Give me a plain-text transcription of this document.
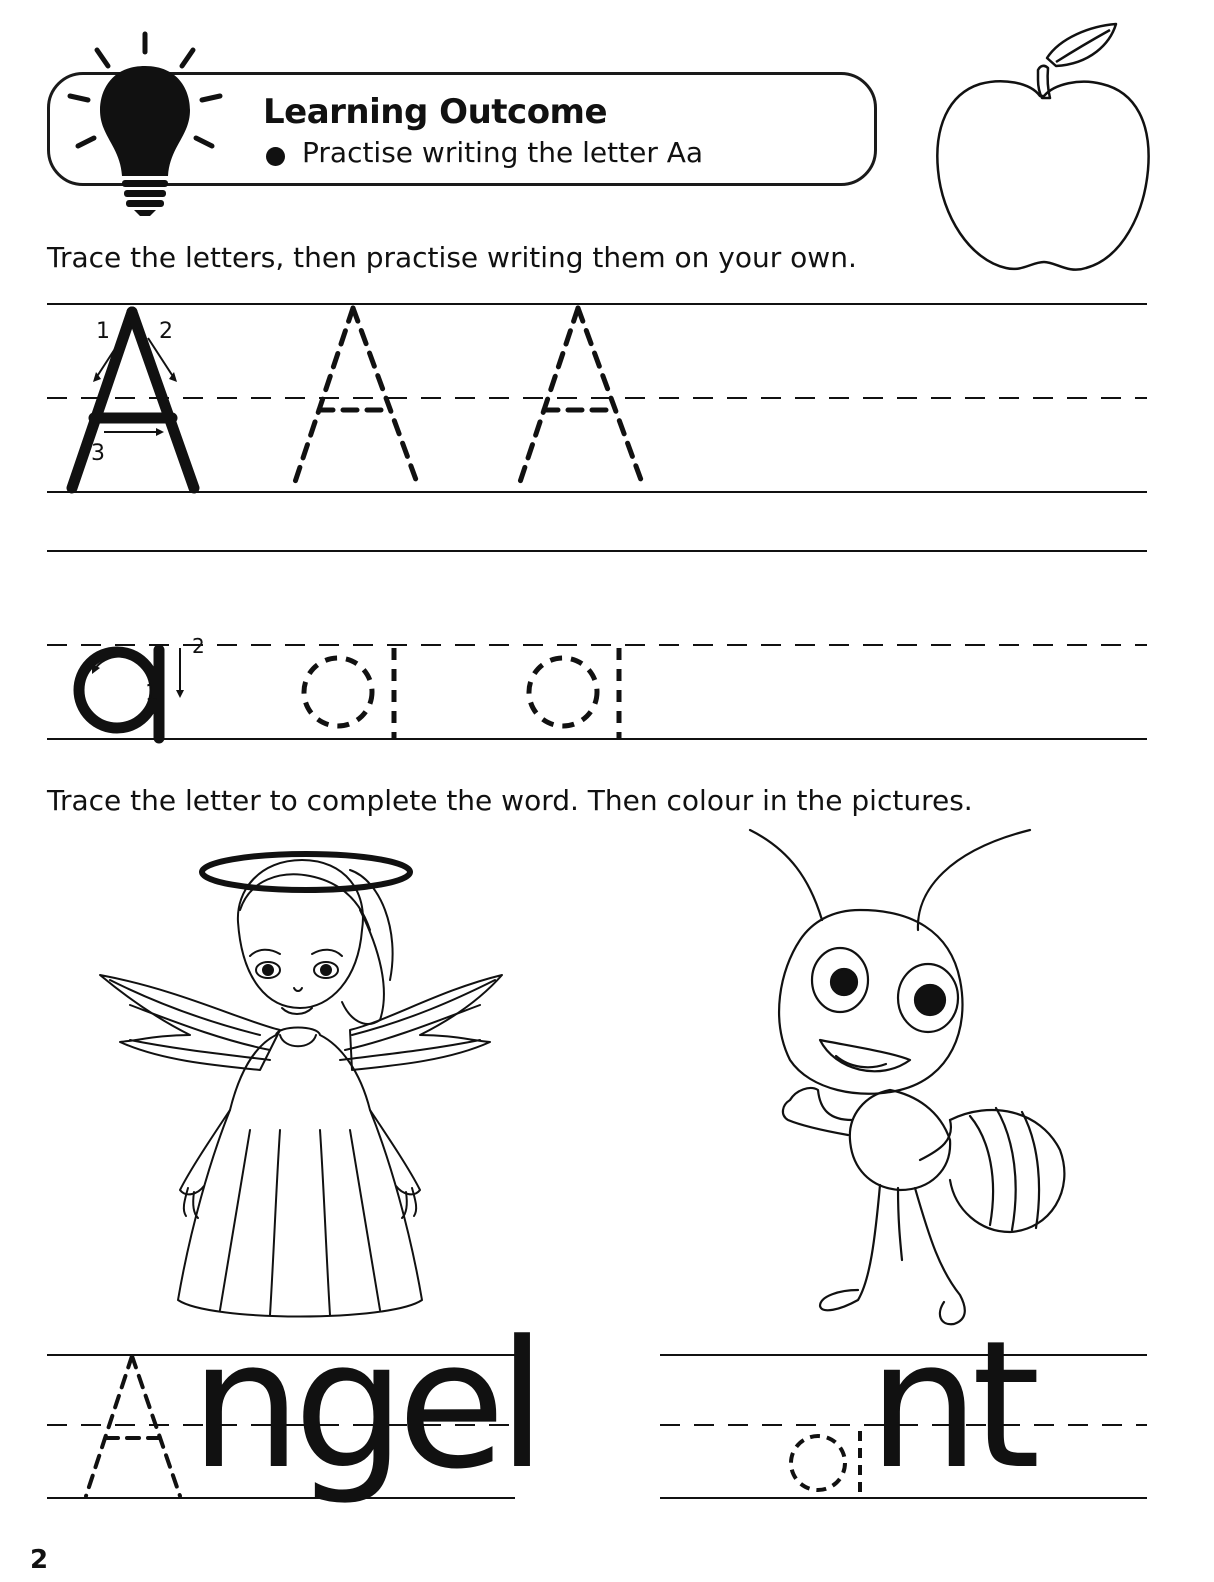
Learning Outcome
Practise writing the letter Aa
Trace the letters, then practise writing them on your own.
1 2
3
1
2
Trace the letter to complete the word. Then colour in the pictures.
ngel nt
2
